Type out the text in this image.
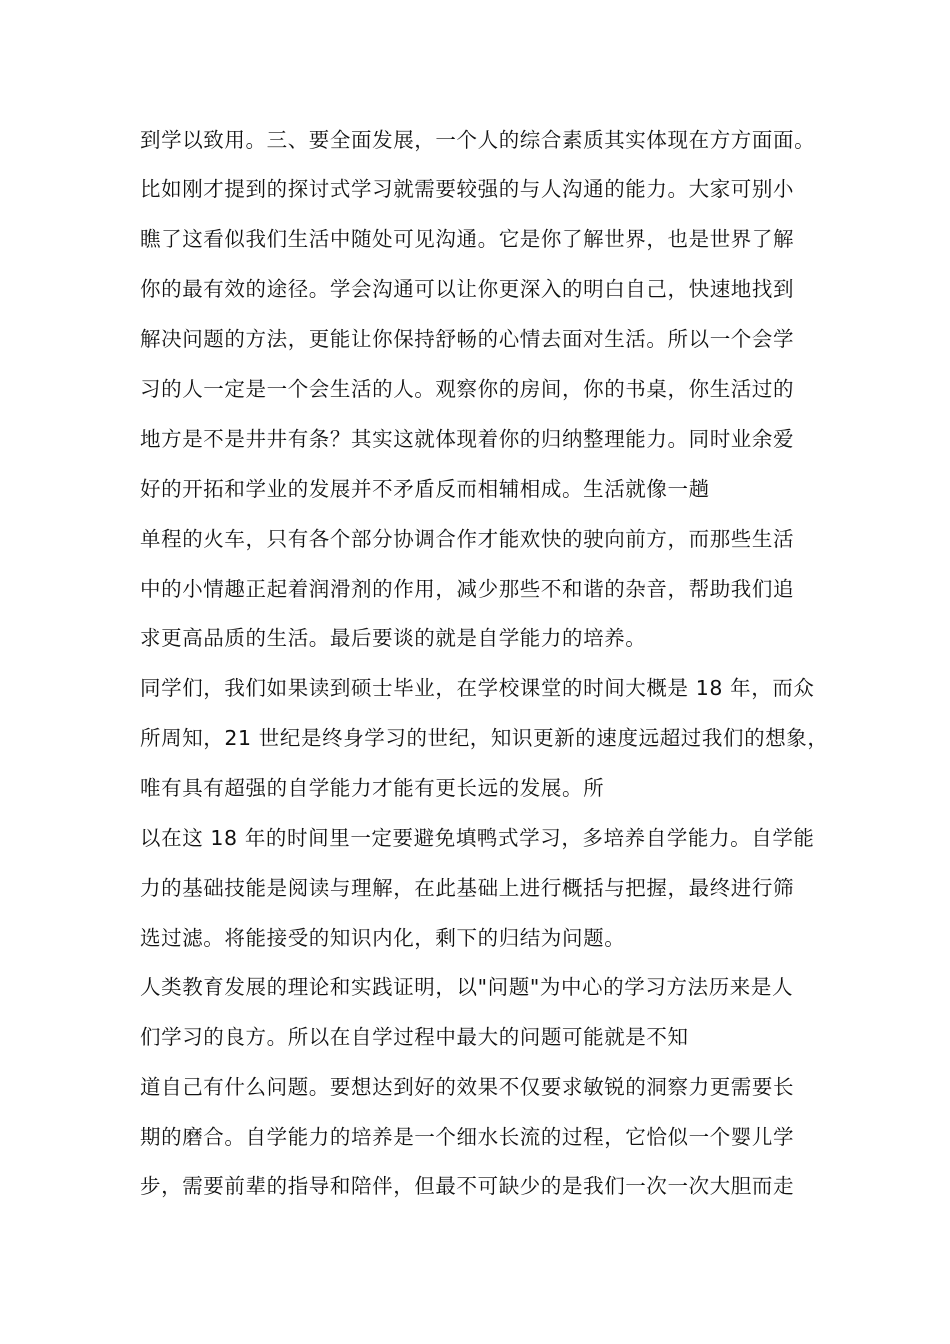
到学以致用。三、要全面发展，一个人的综合素质其实体现在方方面面。
比如刚才提到的探讨式学习就需要较强的与人沟通的能力。大家可别小
瞧了这看似我们生活中随处可见沟通。它是你了解世界，也是世界了解
你的最有效的途径。学会沟通可以让你更深入的明白自己，快速地找到
解决问题的方法，更能让你保持舒畅的心情去面对生活。所以一个会学
习的人一定是一个会生活的人。观察你的房间，你的书桌，你生活过的
地方是不是井井有条？其实这就体现着你的归纳整理能力。同时业余爱
好的开拓和学业的发展并不矛盾反而相辅相成。生活就像一趟
单程的火车，只有各个部分协调合作才能欢快的驶向前方，而那些生活
中的小情趣正起着润滑剂的作用，减少那些不和谐的杂音，帮助我们追
求更高品质的生活。最后要谈的就是自学能力的培养。
同学们，我们如果读到硕士毕业，在学校课堂的时间大概是 18 年，而众
所周知，21 世纪是终身学习的世纪，知识更新的速度远超过我们的想象，
唯有具有超强的自学能力才能有更长远的发展。所
以在这 18 年的时间里一定要避免填鸭式学习，多培养自学能力。自学能
力的基础技能是阅读与理解，在此基础上进行概括与把握，最终进行筛
选过滤。将能接受的知识内化，剩下的归结为问题。
人类教育发展的理论和实践证明，以"问题"为中心的学习方法历来是人
们学习的良方。所以在自学过程中最大的问题可能就是不知
道自己有什么问题。要想达到好的效果不仅要求敏锐的洞察力更需要长
期的磨合。自学能力的培养是一个细水长流的过程，它恰似一个婴儿学
步，需要前辈的指导和陪伴，但最不可缺少的是我们一次一次大胆而走
